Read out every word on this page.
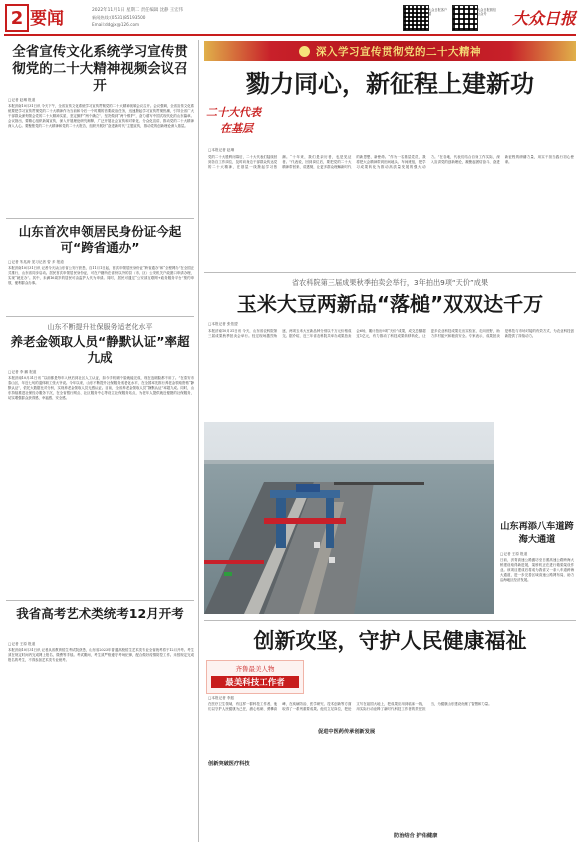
2 要闻	2022年11月1日 星期二 责任编辑 沈静 王宏伟
新闻热线:(0531)85193500
Email:ddgjx@126.com
大众日报客户端
大众日报微信公众号	大众日报
全省宣传文化系统学习宣传贯彻党的二十大精神视频会议召开
□记者 赵琳 报道
本报济南10月31日讯 今天下午，全省宣传文化系统学习宣传贯彻党的二十大精神视频会议召开。会议强调，全省宣传文化系统要把学习宣传贯彻党的二十大精神作为当前和今后一个时期的首要政治任务，迅速掀起学习宣传贯彻热潮，引导全省广大干部群众深刻领会党的二十大精神实质，坚定拥护“两个确立”、坚决做到“两个维护”，奋力谱写中国式现代化的山东篇章。会议指出，要精心组织新闻宣传，深入开展理论研究阐释，广泛开展社会宣传和对象化、分众化宣讲，推动党的二十大精神深入人心。要聚焦党的二十大精神和党的二十大报告，组织开展好“奋进新时代”主题宣传，推动党的创新理论深入基层。
山东首次申领居民身份证今起可“跨省通办”
□记者 朱兆涛 见习记者 曾 多 报道
本报济南10月31日讯 记者今天从山东省公安厅获悉，自11月1日起，首次申领居民身份证“跨省通办”和“全程网办”在全国正式推行，山东省同步启动。居民首次申领居民身份证，可在户籍所在省份以外的县（市、区）公安机关户政窗口申请办理，实现“就近办”。其中，未满16周岁的居民可由监护人代为申请。同时，居民可通过“公安部互联网+政务服务平台”预约申领，便利群众办事。
山东不断提升社保服务适老化水平
养老金领取人员“静默认证”率超九成
□记者 李 鹏 报道
本报济南10月31日讯 “以前都是每年入秋后到社区人工认证，如今手机刷个脸就能完成，现在连刷脸都不用了。”在泰安市泰山区，年近七旬的退休职工张大爷说。今年以来，山东不断提升社保服务适老化水平，在全国率先推行养老金领取资格“静默认证”，依托大数据比对分析，实现养老金领取人员无感认证。目前，全省养老金领取人员“静默认证”率超九成。同时，山东持续推进社保经办服务下沉，在全省银行网点、社区服务中心等设立社保服务站点，为老年人提供就近便捷的社保服务，切实增强群众获得感、幸福感、安全感。
我省高考艺术类统考12月开考
□记者 王原 报道
本报济南10月31日讯 记者从省教育招生考试院获悉，山东省2023年普通高校招生艺术类专业全省统考将于12月开考。考生须在规定时间内完成网上报名、缴费等手续。考试期间，考生须严格遵守考场纪律，配合做好疫情防控工作。未按规定完成报名的考生，不得参加艺术类专业统考。
深入学习宣传贯彻党的二十大精神
勠力同心，新征程上建新功
二十大代表
在基层
□本报记者 赵琳
党的二十大胜利闭幕后，二十大代表们陆续回到各自工作岗位，及时向身边干部群众传达党的二十大精神，在基层一线掀起学习热潮。“十年来，我们是亲历者，也是见证者。”代表说，回到岗位后，要把党的二十大精神带回来、讲透彻，让更多群众理解新时代的新思想、新使命。“作为一名基层党员，我将把大会精神带到田间地头、车间班组，把学习成果转化为推动高质量发展的强大动力。”在各地，代表们结合自身工作实际，深入宣讲党的创新理论，凝聚起团结奋斗、奋进新征程的磅礴力量，用实干担当践行初心使命。
省农科院第三届成果秋季拍卖会举行，3年拍出9项“天价”成果
玉米大豆两新品“落槌”双双达千万
□本报记者 张依盟
本报济南10月31日讯 今天，山东省农科院第三届成果秋季拍卖会举行。经过现场激烈角逐，两项玉米大豆新品种分别以千万元价格成交。据介绍，近三年省农科院共举办成果拍卖会6场，累计拍出9项“天价”成果，成交总额超过1亿元，有力推动了科技成果转移转化，让更多农业科技成果走出实验室、走向田野，助力乡村振兴和粮食安全。专家表示，成果拍卖是科技与市场对接的有效方式，为农业科技创新提供了持续动力。
山东再添八车道跨海大通道
□记者 王原 报道
日前，济青高速公路潍坊至日照高速公路跨海大桥建设取得新进展，架桥机正在进行箱梁架设作业。该项目建成后将成为我省又一条八车道跨海大通道，进一步完善区域高速公路网布局，助力沿海地区经济发展。
创新攻坚，守护人民健康福祉
齐鲁最美人物
最美科技工作者
□本报记者 李振
创新突破医疗科技
促进中医药传承创新发展
防治结合 护佑健康
在医疗卫生领域，有这样一群科技工作者，他们以守护人民健康为己任，潜心钻研、勇攀高峰，在疾病防治、医学研究、技术创新等方面取得了一系列重要成果。他们立足岗位，把论文写在祖国大地上，把成果应用到临床一线，用实际行动诠释了新时代科技工作者的责任担当，为健康山东建设贡献了智慧和力量。
